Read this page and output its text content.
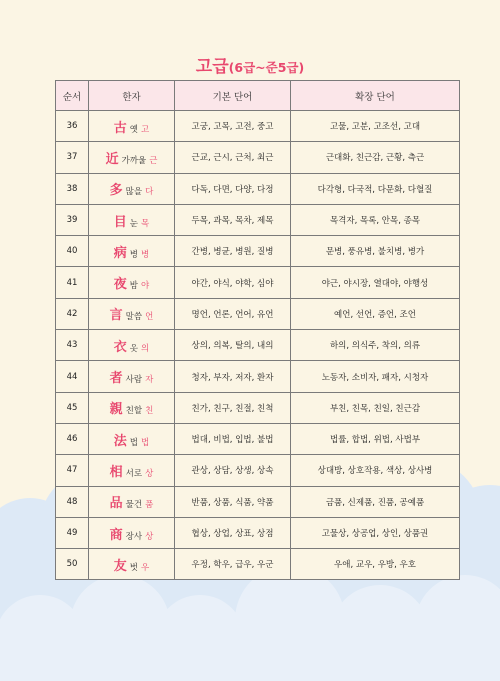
고급(6급~준5급)
순서	한자	기본 단어	확장 단어
36	古 옛 고	고궁, 고목, 고전, 중고	고물, 고분, 고조선, 고대
37	近 가까울 근	근교, 근시, 근처, 최근	근대화, 친근감, 근황, 측근
38	多 많을 다	다독, 다면, 다양, 다정	다각형, 다국적, 다문화, 다혈질
39	目 눈 목	두목, 과목, 목차, 제목	목격자, 목록, 안목, 종목
40	病 병 병	간병, 병균, 병원, 질병	문병, 풍유병, 불치병, 병가
41	夜 밤 야	야간, 야식, 야학, 심야	야근, 야시장, 열대야, 야행성
42	言 말씀 언	명언, 언론, 언어, 유언	예언, 선언, 증언, 조언
43	衣 옷 의	상의, 의복, 탈의, 내의	하의, 의식주, 착의, 의류
44	者 사람 자	청자, 부자, 저자, 환자	노동자, 소비자, 패자, 시청자
45	親 친할 친	친가, 친구, 친절, 친척	부친, 친목, 친일, 친근감
46	法 법 법	법대, 비법, 입법, 불법	법률, 합법, 위법, 사법부
47	相 서로 상	관상, 상담, 상생, 상속	상대방, 상호작용, 색상, 상사병
48	品 물건 품	반품, 상품, 식품, 약품	금품, 신제품, 진품, 공예품
49	商 장사 상	협상, 상업, 상표, 상점	고물상, 상공업, 상인, 상품권
50	友 벗 우	우정, 학우, 급우, 우군	우애, 교우, 우방, 우호
